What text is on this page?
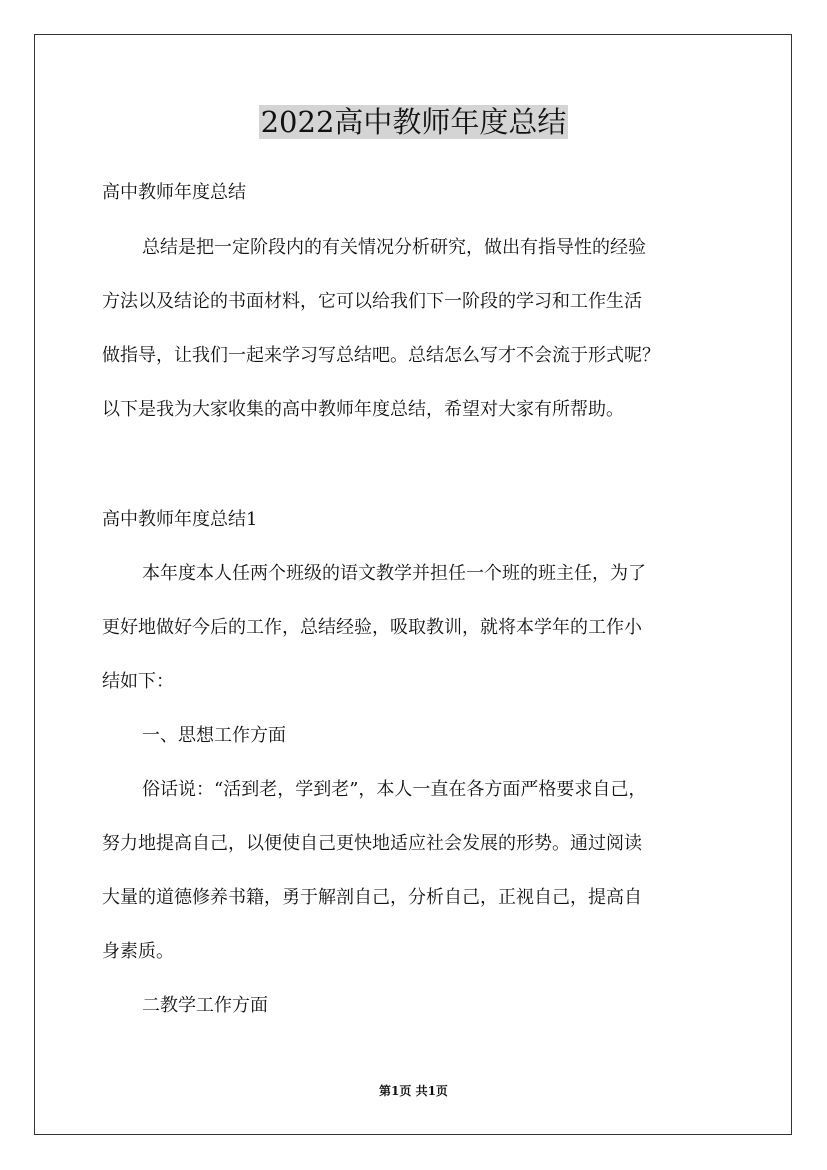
2022高中教师年度总结

高中教师年度总结

总结是把一定阶段内的有关情况分析研究，做出有指导性的经验

方法以及结论的书面材料，它可以给我们下一阶段的学习和工作生活

做指导，让我们一起来学习写总结吧。总结怎么写才不会流于形式呢？

以下是我为大家收集的高中教师年度总结，希望对大家有所帮助。

高中教师年度总结1

本年度本人任两个班级的语文教学并担任一个班的班主任，为了

更好地做好今后的工作，总结经验，吸取教训，就将本学年的工作小

结如下：

一、思想工作方面

俗话说：“活到老，学到老”，本人一直在各方面严格要求自己，

努力地提高自己，以便使自己更快地适应社会发展的形势。通过阅读

大量的道德修养书籍，勇于解剖自己，分析自己，正视自己，提高自

身素质。

二教学工作方面

第1页 共1页
